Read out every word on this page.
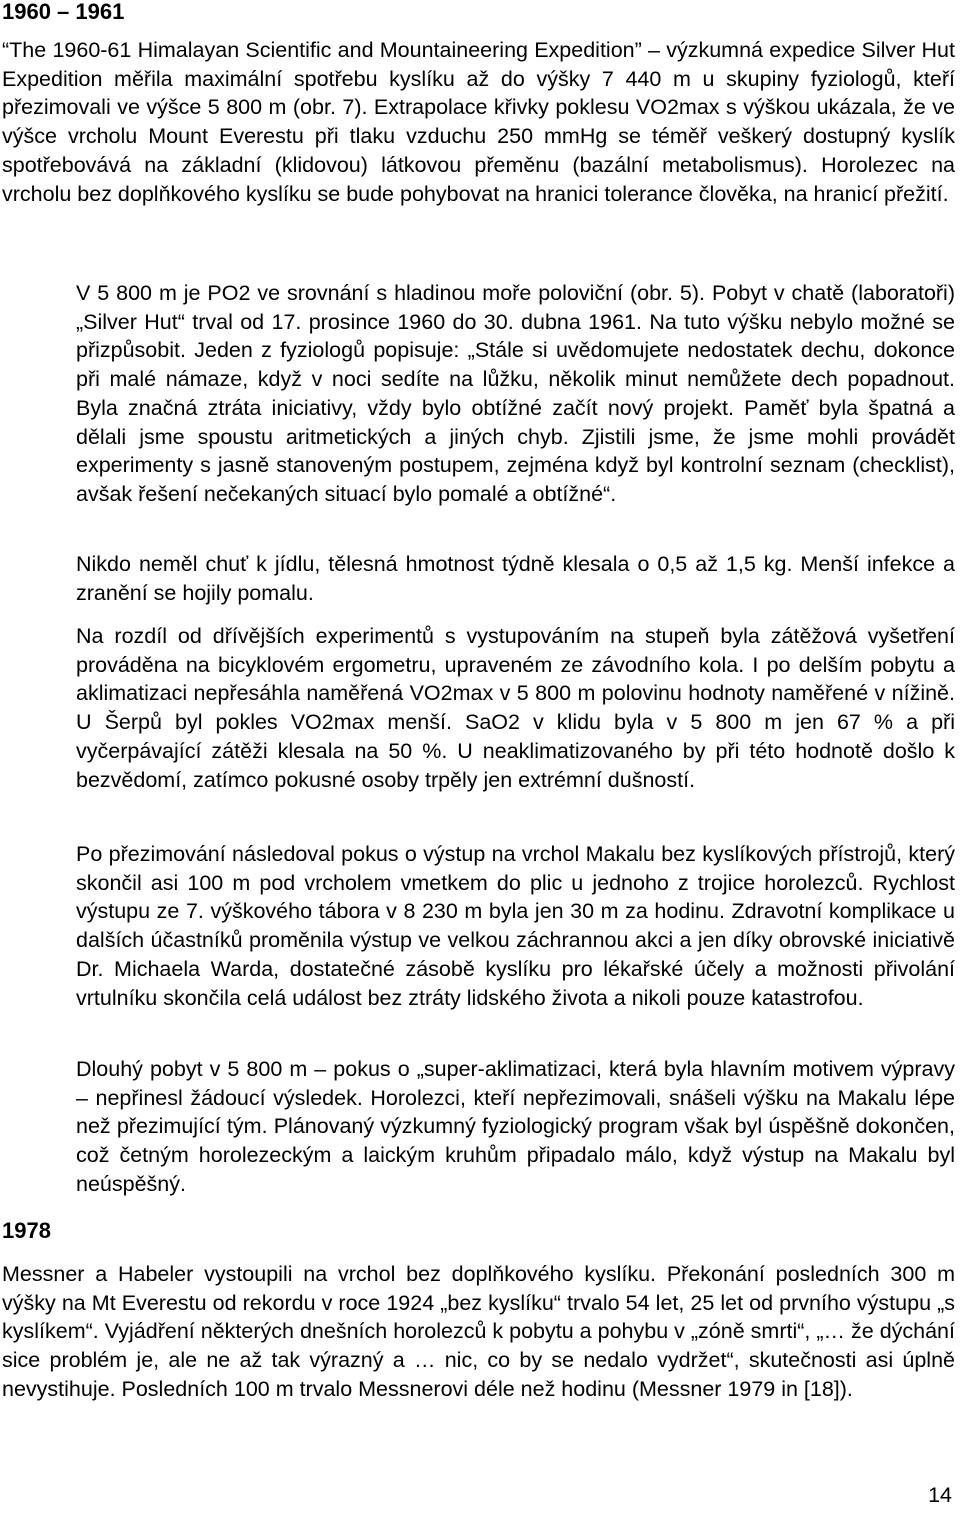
1960 – 1961

“The 1960-61 Himalayan Scientific and Mountaineering Expedition” – výzkumná expedice Silver Hut Expedition měřila maximální spotřebu kyslíku až do výšky 7 440 m u skupiny fyziologů, kteří přezimovali ve výšce 5 800 m (obr. 7). Extrapolace křivky poklesu VO2max s výškou ukázala, že ve výšce vrcholu Mount Everestu při tlaku vzduchu 250 mmHg se téměř veškerý dostupný kyslík spotřebovává na základní (klidovou) látkovou přeměnu (bazální metabolismus). Horolezec na vrcholu bez doplňkového kyslíku se bude pohybovat na hranici tolerance člověka, na hranicí přežití.

V 5 800 m je PO2 ve srovnání s hladinou moře poloviční (obr. 5). Pobyt v chatě (laboratoři) „Silver Hut“ trval od 17. prosince 1960 do 30. dubna 1961. Na tuto výšku nebylo možné se přizpůsobit. Jeden z fyziologů popisuje: „Stále si uvědomujete nedostatek dechu, dokonce při malé námaze, když v noci sedíte na lůžku, několik minut nemůžete dech popadnout. Byla značná ztráta iniciativy, vždy bylo obtížné začít nový projekt. Paměť byla špatná a dělali jsme spoustu aritmetických a jiných chyb. Zjistili jsme, že jsme mohli provádět experimenty s jasně stanoveným postupem, zejména když byl kontrolní seznam (checklist), avšak řešení nečekaných situací bylo pomalé a obtížné“.

Nikdo neměl chuť k jídlu, tělesná hmotnost týdně klesala o 0,5 až 1,5 kg. Menší infekce a zranění se hojily pomalu.

Na rozdíl od dřívějších experimentů s vystupováním na stupeň byla zátěžová vyšetření prováděna na bicyklovém ergometru, upraveném ze závodního kola. I po delším pobytu a aklimatizaci nepřesáhla naměřená VO2max v 5 800 m polovinu hodnoty naměřené v nížině. U Šerpů byl pokles VO2max menší. SaO2 v klidu byla v 5 800 m jen 67 % a při vyčerpávající zátěži klesala na 50 %. U neaklimatizovaného by při této hodnotě došlo k bezvědomí, zatímco pokusné osoby trpěly jen extrémní dušností.

Po přezimování následoval pokus o výstup na vrchol Makalu bez kyslíkových přístrojů, který skončil asi 100 m pod vrcholem vmetkem do plic u jednoho z trojice horolezců. Rychlost výstupu ze 7. výškového tábora v 8 230 m byla jen 30 m za hodinu. Zdravotní komplikace u dalších účastníků proměnila výstup ve velkou záchrannou akci a jen díky obrovské iniciativě Dr. Michaela Warda, dostatečné zásobě kyslíku pro lékařské účely a možnosti přivolání vrtulníku skončila celá událost bez ztráty lidského života a nikoli pouze katastrofou.

Dlouhý pobyt v 5 800 m – pokus o „super-aklimatizaci, která byla hlavním motivem výpravy – nepřinesl žádoucí výsledek. Horolezci, kteří nepřezimovali, snášeli výšku na Makalu lépe než přezimující tým. Plánovaný výzkumný fyziologický program však byl úspěšně dokončen, což četným horolezeckým a laickým kruhům připadalo málo, když výstup na Makalu byl neúspěšný.

1978

Messner a Habeler vystoupili na vrchol bez doplňkového kyslíku. Překonání posledních 300 m výšky na Mt Everestu od rekordu v roce 1924 „bez kyslíku“ trvalo 54 let, 25 let od prvního výstupu „s kyslíkem“. Vyjádření některých dnešních horolezců k pobytu a pohybu v „zóně smrti“, „… že dýchání sice problém je, ale ne až tak výrazný a … nic, co by se nedalo vydržet“, skutečnosti asi úplně nevystihuje. Posledních 100 m trvalo Messnerovi déle než hodinu (Messner 1979 in [18]).

14
